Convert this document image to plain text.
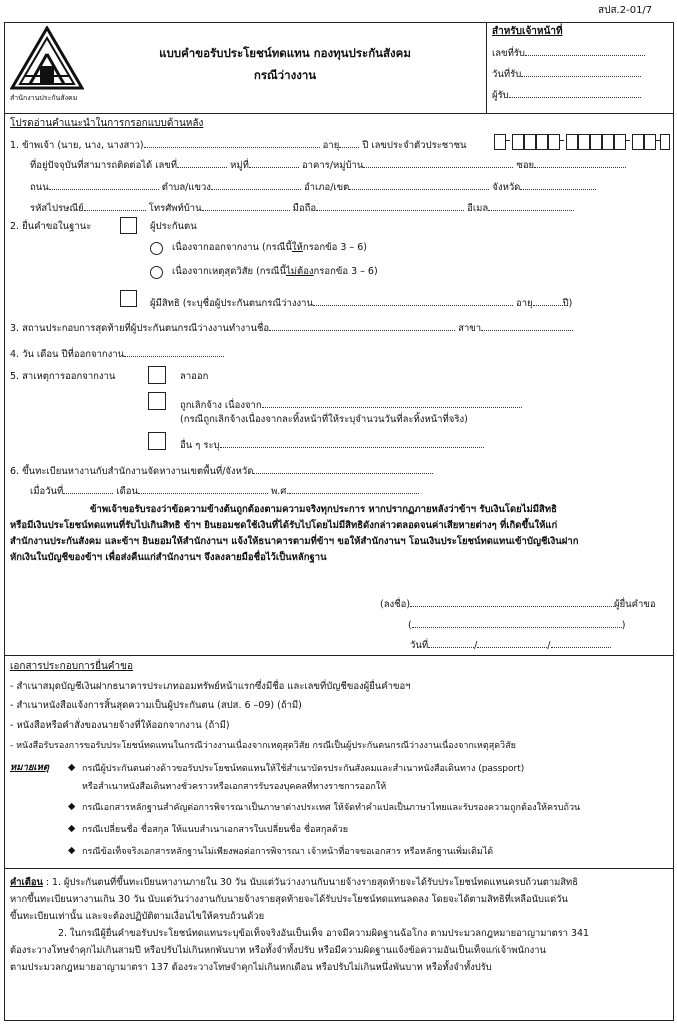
สปส.2-01/7
สำนักงานประกันสังคม
แบบคำขอรับประโยชน์ทดแทน กองทุนประกันสังคม
กรณีว่างงาน
สำหรับเจ้าหน้าที่
เลขที่รับ
วันที่รับ
ผู้รับ
โปรดอ่านคำแนะนำในการกรอกแบบด้านหลัง
1. ข้าพเจ้า (นาย, นาง, นางสาว)	อายุ ปี เลขประจำตัวประชาชน
ที่อยู่ปัจจุบันที่สามารถติดต่อได้ เลขที่	หมู่ที่	อาคาร/หมู่บ้าน	ซอย
ถนน	ตำบล/แขวง	อำเภอ/เขต	จังหวัด
รหัสไปรษณีย์	โทรศัพท์บ้าน	มือถือ	อีเมล
2. ยื่นคำขอในฐานะ	ผู้ประกันตน
เนื่องจากออกจากงาน (กรณีนี้ให้กรอกข้อ 3 – 6)
เนื่องจากเหตุสุดวิสัย (กรณีนี้ไม่ต้องกรอกข้อ 3 – 6)
ผู้มีสิทธิ (ระบุชื่อผู้ประกันตนกรณีว่างงาน	อายุ	ปี)
3. สถานประกอบการสุดท้ายที่ผู้ประกันตนกรณีว่างงานทำงานชื่อ	สาขา
4. วัน เดือน ปีที่ออกจากงาน
5. สาเหตุการออกจากงาน	ลาออก
ถูกเลิกจ้าง เนื่องจาก
(กรณีถูกเลิกจ้างเนื่องจากละทิ้งหน้าที่ให้ระบุจำนวนวันที่ละทิ้งหน้าที่จริง)
อื่น ๆ ระบุ
6. ขึ้นทะเบียนหางานกับสำนักงานจัดหางานเขตพื้นที่/จังหวัด
เมื่อวันที่	เดือน	พ.ศ.
ข้าพเจ้าขอรับรองว่าข้อความข้างต้นถูกต้องตามความจริงทุกประการ หากปรากฏภายหลังว่าข้าฯ รับเงินโดยไม่มีสิทธิ
หรือมีเงินประโยชน์ทดแทนที่รับไปเกินสิทธิ ข้าฯ ยินยอมชดใช้เงินที่ได้รับไปโดยไม่มีสิทธิดังกล่าวตลอดจนค่าเสียหายต่างๆ ที่เกิดขึ้นให้แก่
สำนักงานประกันสังคม และข้าฯ ยินยอมให้สำนักงานฯ แจ้งให้ธนาคารตามที่ข้าฯ ขอให้สำนักงานฯ โอนเงินประโยชน์ทดแทนเข้าบัญชีเงินฝาก
หักเงินในบัญชีของข้าฯ เพื่อส่งคืนแก่สำนักงานฯ จึงลงลายมือชื่อไว้เป็นหลักฐาน
(ลงชื่อ)	ผู้ยื่นคำขอ
(	)
วันที่	/	/
เอกสารประกอบการยื่นคำขอ
- สำเนาสมุดบัญชีเงินฝากธนาคารประเภทออมทรัพย์หน้าแรกซึ่งมีชื่อ และเลขที่บัญชีของผู้ยื่นคำขอฯ
- สำเนาหนังสือแจ้งการสิ้นสุดความเป็นผู้ประกันตน (สปส. 6 –09) (ถ้ามี)
- หนังสือหรือคำสั่งของนายจ้างที่ให้ออกจากงาน (ถ้ามี)
- หนังสือรับรองการขอรับประโยชน์ทดแทนในกรณีว่างงานเนื่องจากเหตุสุดวิสัย กรณีเป็นผู้ประกันตนกรณีว่างงานเนื่องจากเหตุสุดวิสัย
หมายเหตุ ◆ กรณีผู้ประกันตนต่างด้าวขอรับประโยชน์ทดแทนให้ใช้สำเนาบัตรประกันสังคมและสำเนาหนังสือเดินทาง (passport)
หรือสำเนาหนังสือเดินทางชั่วคราวหรือเอกสารรับรองบุคคลที่ทางราชการออกให้
◆ กรณีเอกสารหลักฐานสำคัญต่อการพิจารณาเป็นภาษาต่างประเทศ ให้จัดทำคำแปลเป็นภาษาไทยและรับรองความถูกต้องให้ครบถ้วน
◆ กรณีเปลี่ยนชื่อ ชื่อสกุล ให้แนบสำเนาเอกสารใบเปลี่ยนชื่อ ชื่อสกุลด้วย
◆ กรณีข้อเท็จจริงเอกสารหลักฐานไม่เพียงพอต่อการพิจารณา เจ้าหน้าที่อาจขอเอกสาร หรือหลักฐานเพิ่มเติมได้
คำเตือน : 1. ผู้ประกันตนที่ขึ้นทะเบียนหางานภายใน 30 วัน นับแต่วันว่างงานกับนายจ้างรายสุดท้ายจะได้รับประโยชน์ทดแทนครบถ้วนตามสิทธิ
หากขึ้นทะเบียนหางานเกิน 30 วัน นับแต่วันว่างงานกับนายจ้างรายสุดท้ายจะได้รับประโยชน์ทดแทนลดลง โดยจะได้ตามสิทธิที่เหลือนับแต่วัน
ขึ้นทะเบียนเท่านั้น และจะต้องปฏิบัติตามเงื่อนไขให้ครบถ้วนด้วย
2. ในกรณีผู้ยื่นคำขอรับประโยชน์ทดแทนระบุข้อเท็จจริงอันเป็นเท็จ อาจมีความผิดฐานฉ้อโกง ตามประมวลกฎหมายอาญามาตรา 341
ต้องระวางโทษจำคุกไม่เกินสามปี หรือปรับไม่เกินหกพันบาท หรือทั้งจำทั้งปรับ หรือมีความผิดฐานแจ้งข้อความอันเป็นเท็จแก่เจ้าพนักงาน
ตามประมวลกฎหมายอาญามาตรา 137 ต้องระวางโทษจำคุกไม่เกินหกเดือน หรือปรับไม่เกินหนึ่งพันบาท หรือทั้งจำทั้งปรับ
